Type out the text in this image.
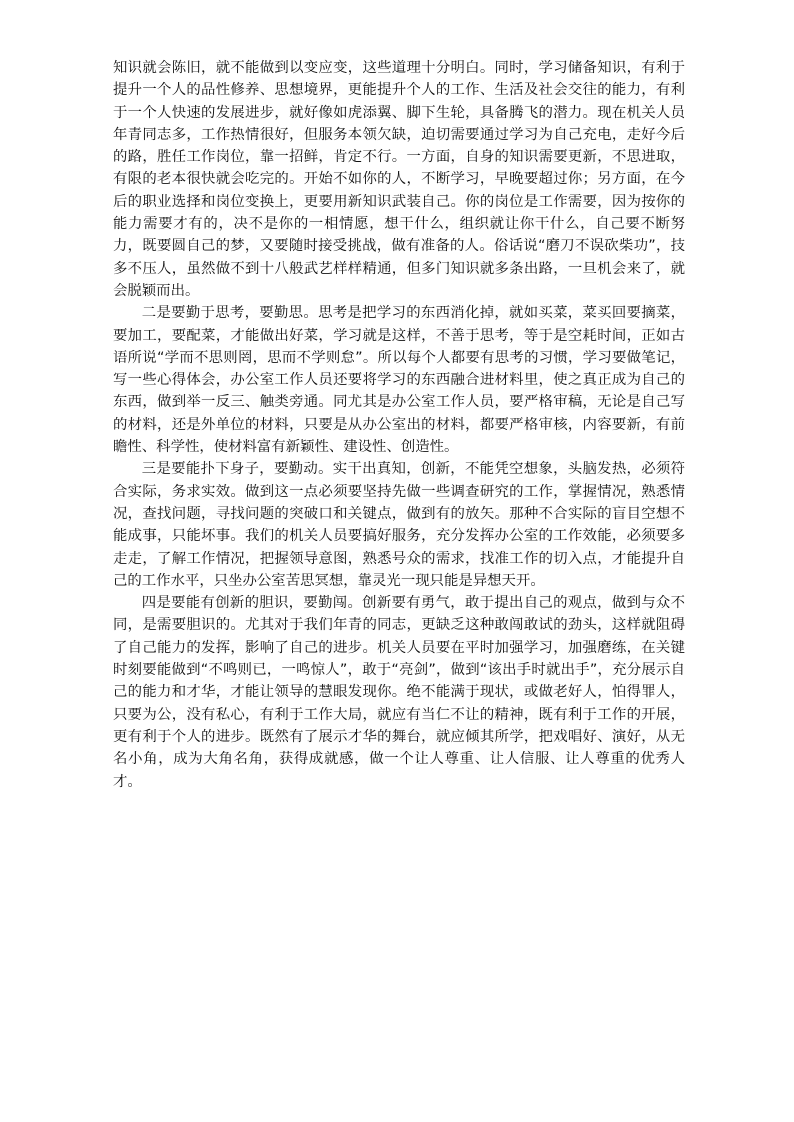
知识就会陈旧，就不能做到以变应变，这些道理十分明白。同时，学习储备知识，有利于提升一个人的品性修养、思想境界，更能提升个人的工作、生活及社会交往的能力，有利于一个人快速的发展进步，就好像如虎添翼、脚下生轮，具备腾飞的潜力。现在机关人员年青同志多，工作热情很好，但服务本领欠缺，迫切需要通过学习为自己充电，走好今后的路，胜任工作岗位，靠一招鲜，肯定不行。一方面，自身的知识需要更新，不思进取，有限的老本很快就会吃完的。开始不如你的人，不断学习，早晚要超过你；另方面，在今后的职业选择和岗位变换上，更要用新知识武装自己。你的岗位是工作需要，因为按你的能力需要才有的，决不是你的一相情愿，想干什么，组织就让你干什么，自己要不断努力，既要圆自己的梦，又要随时接受挑战，做有准备的人。俗话说“磨刀不误砍柴功”，技多不压人，虽然做不到十八般武艺样样精通，但多门知识就多条出路，一旦机会来了，就会脱颖而出。

二是要勤于思考，要勤思。思考是把学习的东西消化掉，就如买菜，菜买回要摘菜，要加工，要配菜，才能做出好菜，学习就是这样，不善于思考，等于是空耗时间，正如古语所说“学而不思则罔，思而不学则怠”。所以每个人都要有思考的习惯，学习要做笔记，写一些心得体会，办公室工作人员还要将学习的东西融合进材料里，使之真正成为自己的东西，做到举一反三、触类旁通。同尤其是办公室工作人员，要严格审稿，无论是自己写的材料，还是外单位的材料，只要是从办公室出的材料，都要严格审核，内容要新，有前瞻性、科学性，使材料富有新颖性、建设性、创造性。

三是要能扑下身子，要勤动。实干出真知，创新，不能凭空想象，头脑发热，必须符合实际，务求实效。做到这一点必须要坚持先做一些调查研究的工作，掌握情况，熟悉情况，查找问题，寻找问题的突破口和关键点，做到有的放矢。那种不合实际的盲目空想不能成事，只能坏事。我们的机关人员要搞好服务，充分发挥办公室的工作效能，必须要多走走，了解工作情况，把握领导意图，熟悉号众的需求，找准工作的切入点，才能提升自己的工作水平，只坐办公室苦思冥想，靠灵光一现只能是异想天开。

四是要能有创新的胆识，要勤闯。创新要有勇气，敢于提出自己的观点，做到与众不同，是需要胆识的。尤其对于我们年青的同志，更缺乏这种敢闯敢试的劲头，这样就阻碍了自己能力的发挥，影响了自己的进步。机关人员要在平时加强学习，加强磨练，在关键时刻要能做到“不鸣则已，一鸣惊人”，敢于“亮剑”，做到“该出手时就出手”，充分展示自己的能力和才华，才能让领导的慧眼发现你。绝不能满于现状，或做老好人，怕得罪人，只要为公，没有私心，有利于工作大局，就应有当仁不让的精神，既有利于工作的开展，更有利于个人的进步。既然有了展示才华的舞台，就应倾其所学，把戏唱好、演好，从无名小角，成为大角名角，获得成就感，做一个让人尊重、让人信服、让人尊重的优秀人才。
